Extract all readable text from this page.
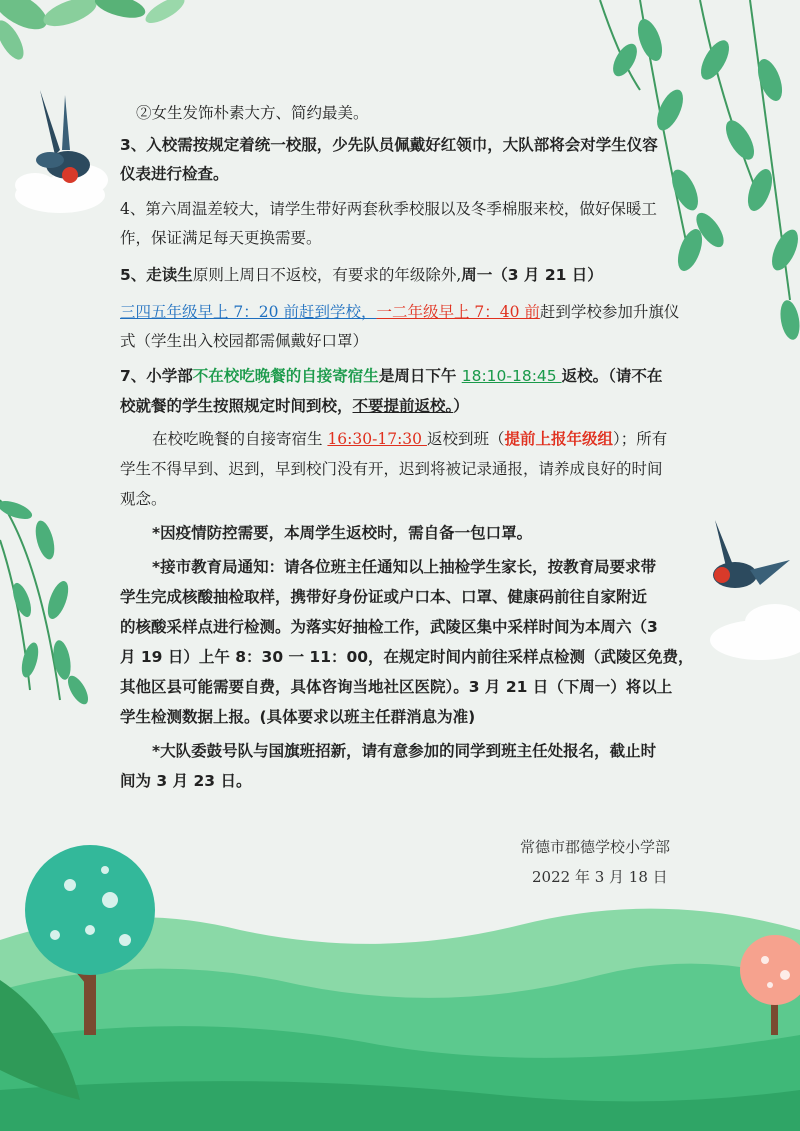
②女生发饰朴素大方、简约最美。
3、入校需按规定着统一校服，少先队员佩戴好红领巾，大队部将会对学生仪容
仪表进行检查。
4、第六周温差较大，请学生带好两套秋季校服以及冬季棉服来校，做好保暖工
作，保证满足每天更换需要。
5、走读生原则上周日不返校，有要求的年级除外,周一（3 月 21 日）
三四五年级早上 7：20 前赶到学校，一二年级早上 7：40 前赶到学校参加升旗仪
式（学生出入校园都需佩戴好口罩）
7、小学部不在校吃晚餐的自接寄宿生是周日下午 18:10-18:45 返校。（请不在
校就餐的学生按照规定时间到校，不要提前返校。）
在校吃晚餐的自接寄宿生 16:30-17:30 返校到班（提前上报年级组）；所有
学生不得早到、迟到，早到校门没有开，迟到将被记录通报，请养成良好的时间
观念。
*因疫情防控需要，本周学生返校时，需自备一包口罩。
*接市教育局通知：请各位班主任通知以上抽检学生家长，按教育局要求带
学生完成核酸抽检取样，携带好身份证或户口本、口罩、健康码前往自家附近
的核酸采样点进行检测。为落实好抽检工作，武陵区集中采样时间为本周六（3
月 19 日）上午 8：30 一 11：00，在规定时间内前往采样点检测（武陵区免费，
其他区县可能需要自费，具体咨询当地社区医院）。3 月 21 日（下周一）将以上
学生检测数据上报。(具体要求以班主任群消息为准)
*大队委鼓号队与国旗班招新，请有意参加的同学到班主任处报名，截止时
间为 3 月 23 日。
常德市郡德学校小学部
2022 年 3 月 18 日
